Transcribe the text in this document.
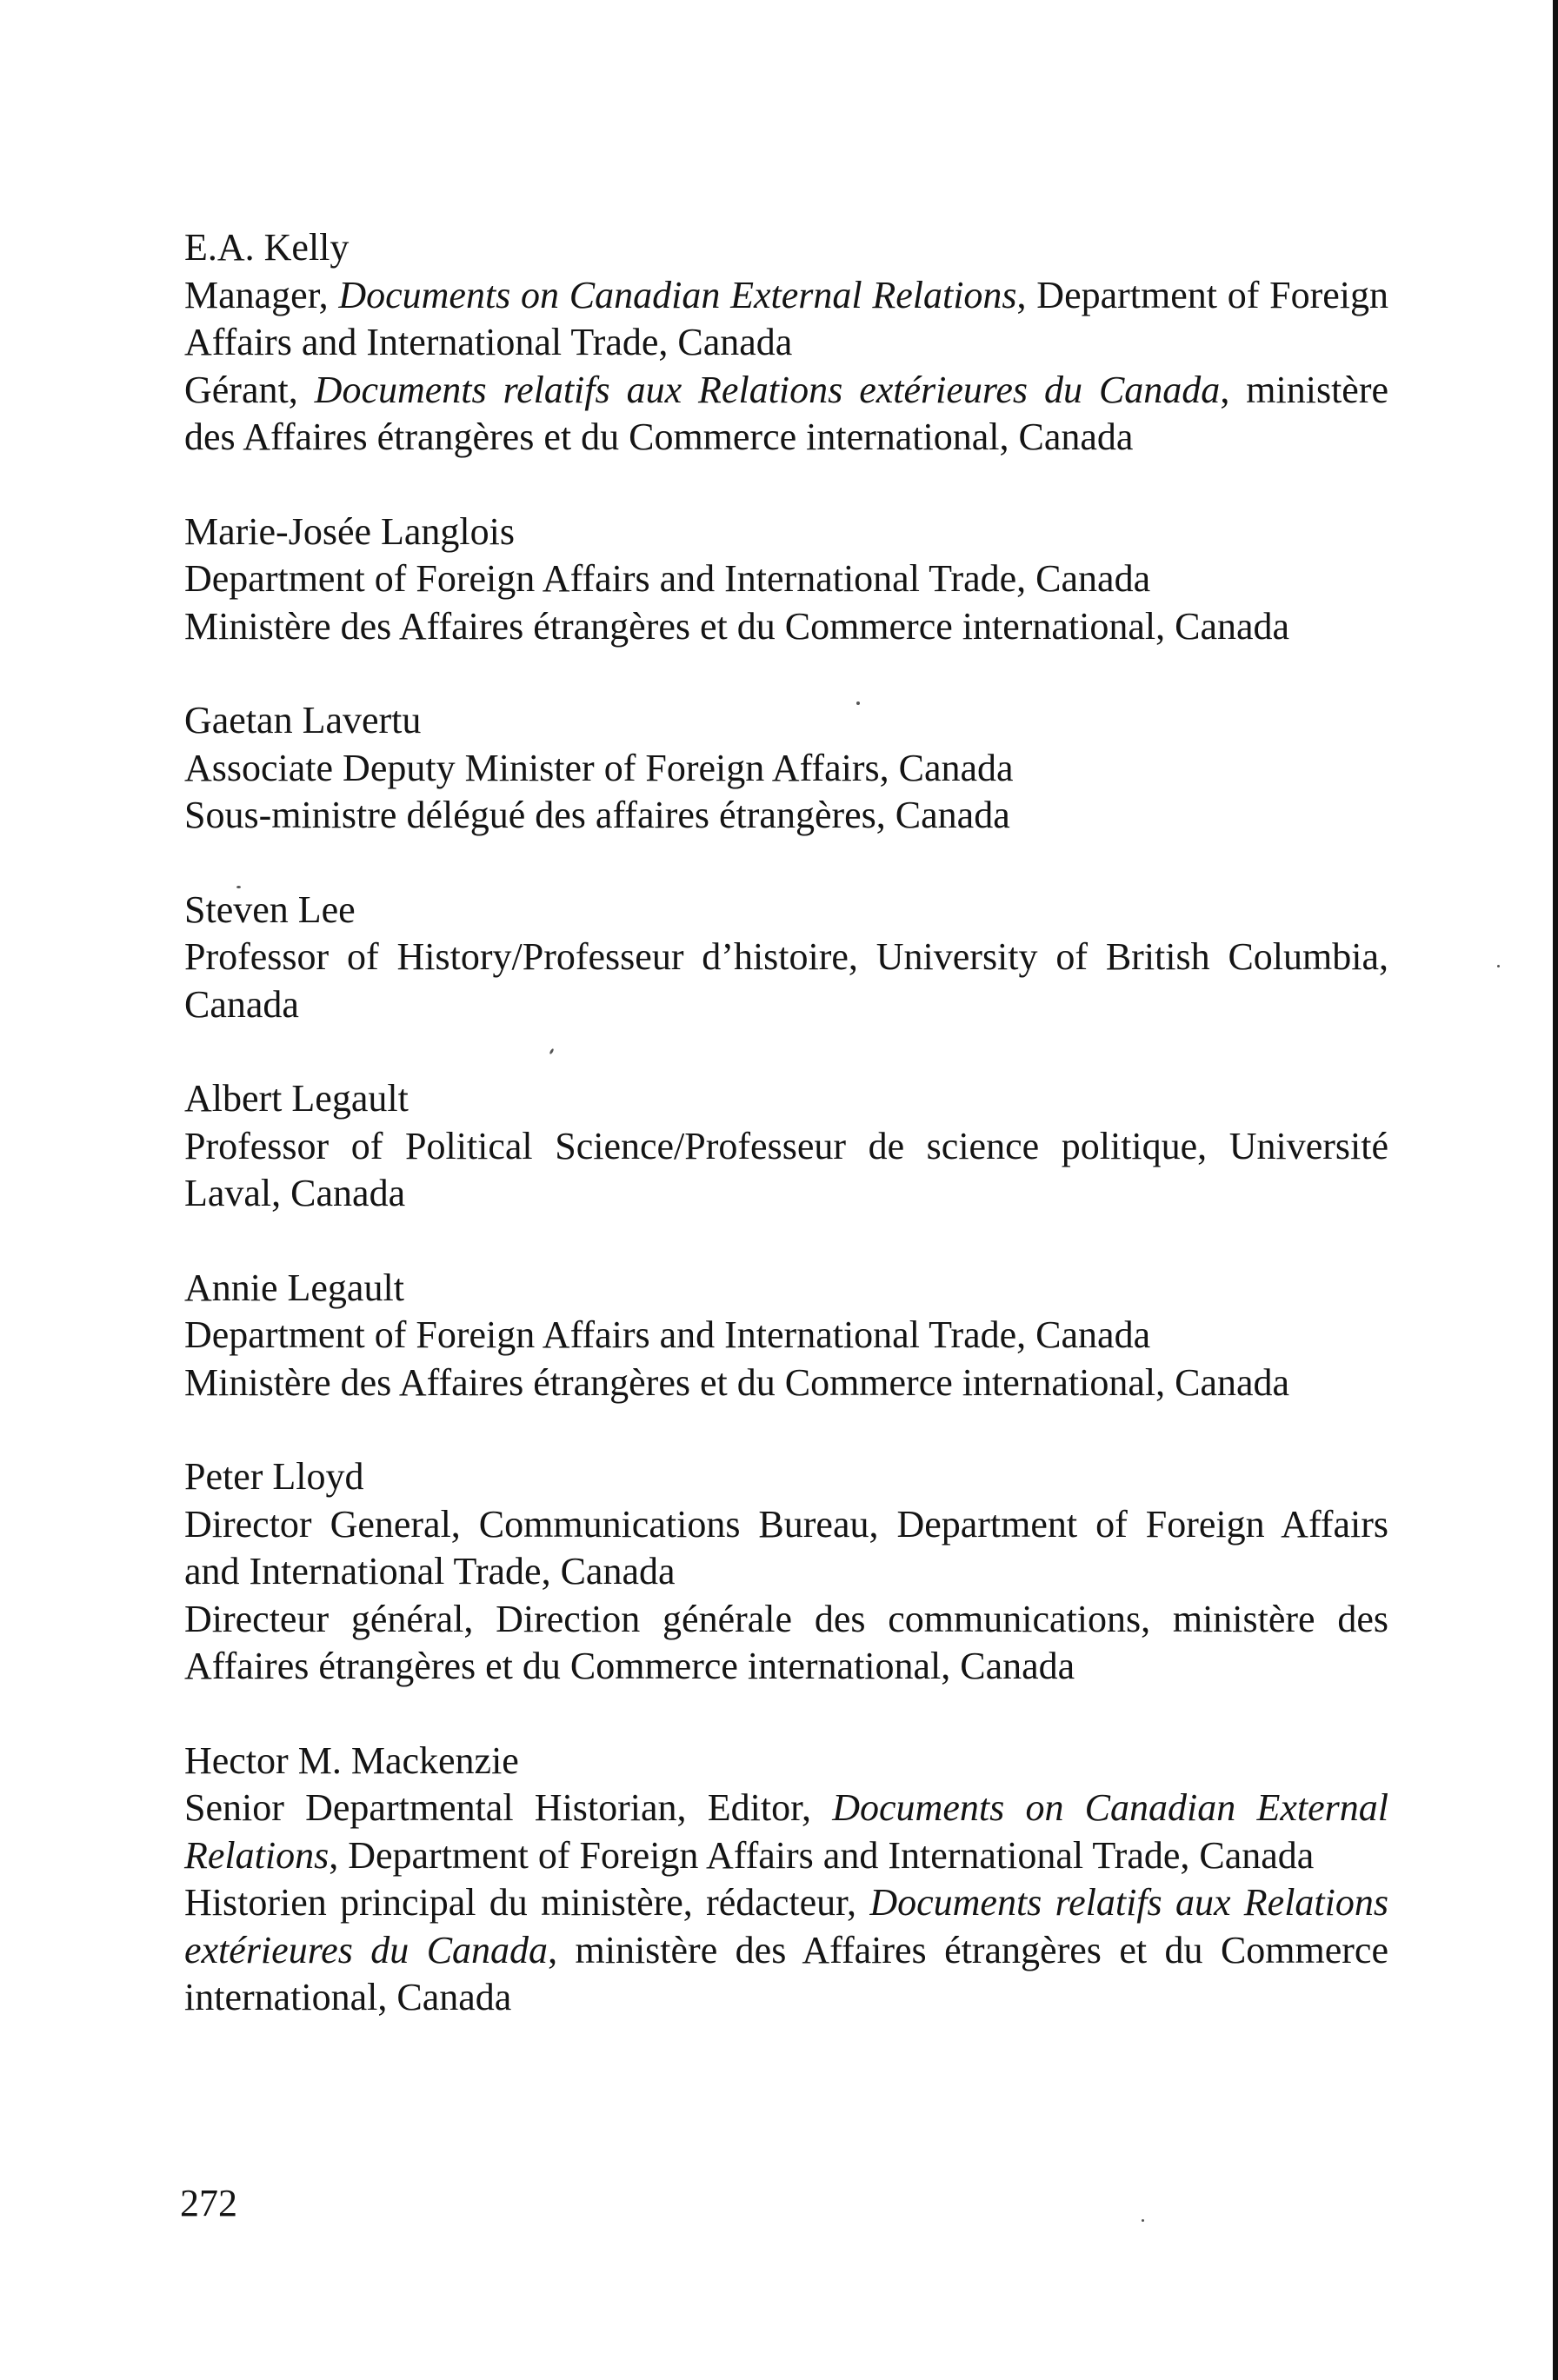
E.A. Kelly

Manager, Documents on Canadian External Relations, Department of Foreign Affairs and International Trade, Canada

Gérant, Documents relatifs aux Relations extérieures du Canada, ministère des Affaires étrangères et du Commerce international, Canada

Marie-Josée Langlois

Department of Foreign Affairs and International Trade, Canada

Ministère des Affaires étrangères et du Commerce international, Canada

Gaetan Lavertu

Associate Deputy Minister of Foreign Affairs, Canada

Sous-ministre délégué des affaires étrangères, Canada

Steven Lee

Professor of History/Professeur d’histoire, University of British Columbia, Canada

Albert Legault

Professor of Political Science/Professeur de science politique, Université Laval, Canada

Annie Legault

Department of Foreign Affairs and International Trade, Canada

Ministère des Affaires étrangères et du Commerce international, Canada

Peter Lloyd

Director General, Communications Bureau, Department of Foreign Affairs and International Trade, Canada

Directeur général, Direction générale des communications, ministère des Affaires étrangères et du Commerce international, Canada

Hector M. Mackenzie

Senior Departmental Historian, Editor, Documents on Canadian External Relations, Department of Foreign Affairs and International Trade, Canada

Historien principal du ministère, rédacteur, Documents relatifs aux Relations extérieures du Canada, ministère des Affaires étrangères et du Commerce international, Canada

272
